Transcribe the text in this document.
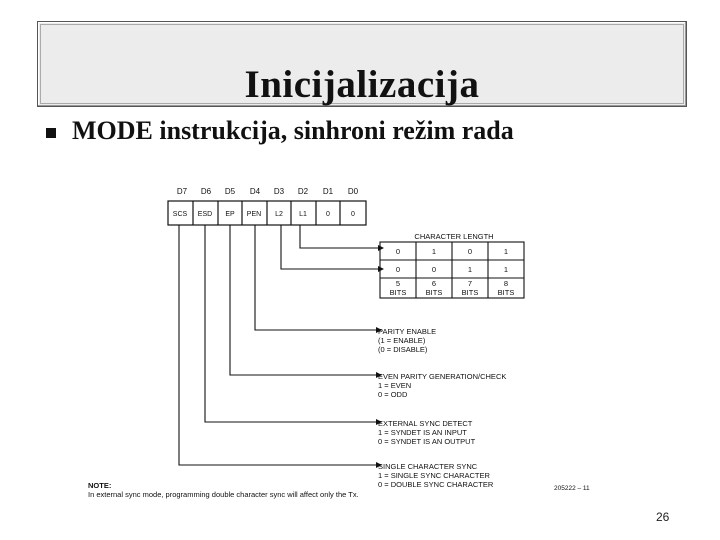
Inicijalizacija
MODE instrukcija, sinhroni režim rada
D7 D6 D5 D4 D3 D2 D1 D0
SCS ESD EP PEN L2 L1	0	0
CHARACTER LENGTH
0	1	0	1
0	0	1	1
5	6	7	8
BITS	BITS	BITS	BITS
PARITY ENABLE
(1 = ENABLE)
(0 = DISABLE)
EVEN PARITY GENERATION/CHECK
1 = EVEN
0 = ODD
EXTERNAL SYNC DETECT
1 = SYNDET IS AN INPUT
0 = SYNDET IS AN OUTPUT
SINGLE CHARACTER SYNC
1 = SINGLE SYNC CHARACTER
0 = DOUBLE SYNC CHARACTER
NOTE:
In external sync mode, programming double character sync will affect only the Tx.
205222 – 11
26
